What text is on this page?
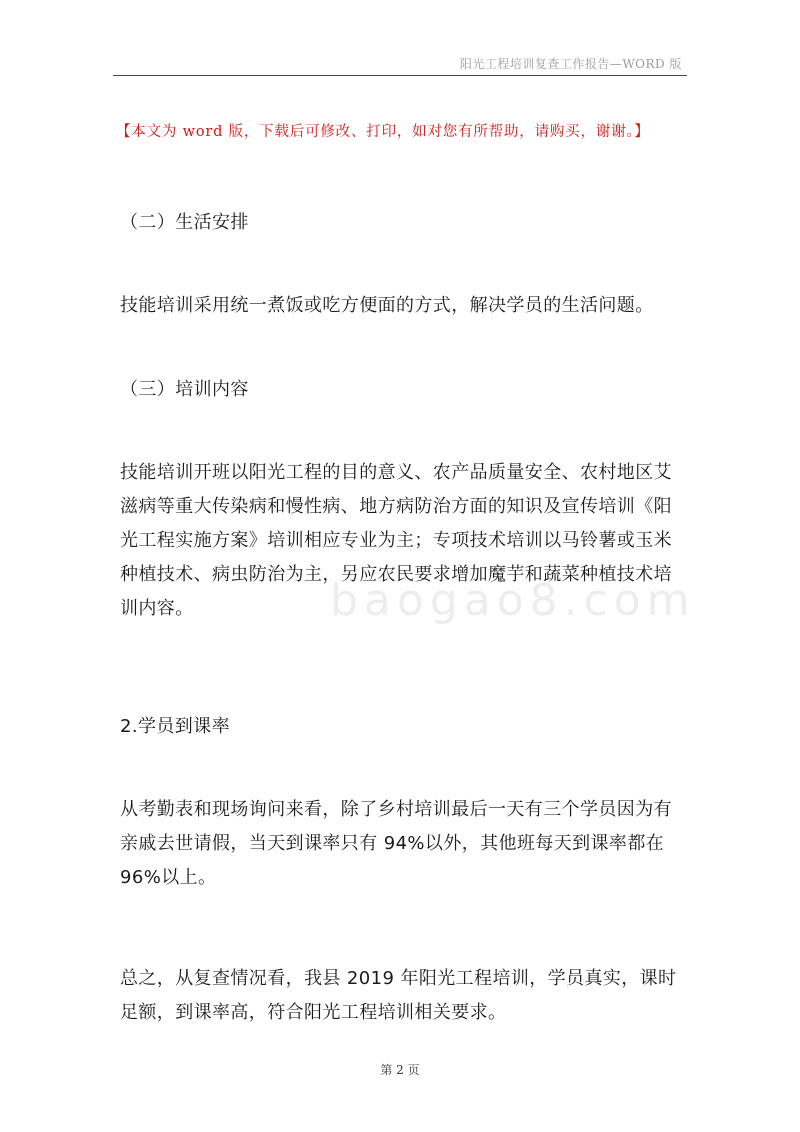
阳光工程培训复查工作报告—WORD 版
【本文为 word 版，下载后可修改、打印，如对您有所帮助，请购买，谢谢。】
baogao8.com

（二）生活安排

技能培训采用统一煮饭或吃方便面的方式，解决学员的生活问题。

（三）培训内容

技能培训开班以阳光工程的目的意义、农产品质量安全、农村地区艾滋病等重大传染病和慢性病、地方病防治方面的知识及宣传培训《阳光工程实施方案》培训相应专业为主；专项技术培训以马铃薯或玉米种植技术、病虫防治为主，另应农民要求增加魔芋和蔬菜种植技术培训内容。

2.学员到课率

从考勤表和现场询问来看，除了乡村培训最后一天有三个学员因为有亲戚去世请假，当天到课率只有 94%以外，其他班每天到课率都在96%以上。

总之，从复查情况看，我县 2019 年阳光工程培训，学员真实，课时足额，到课率高，符合阳光工程培训相关要求。

第 2 页
